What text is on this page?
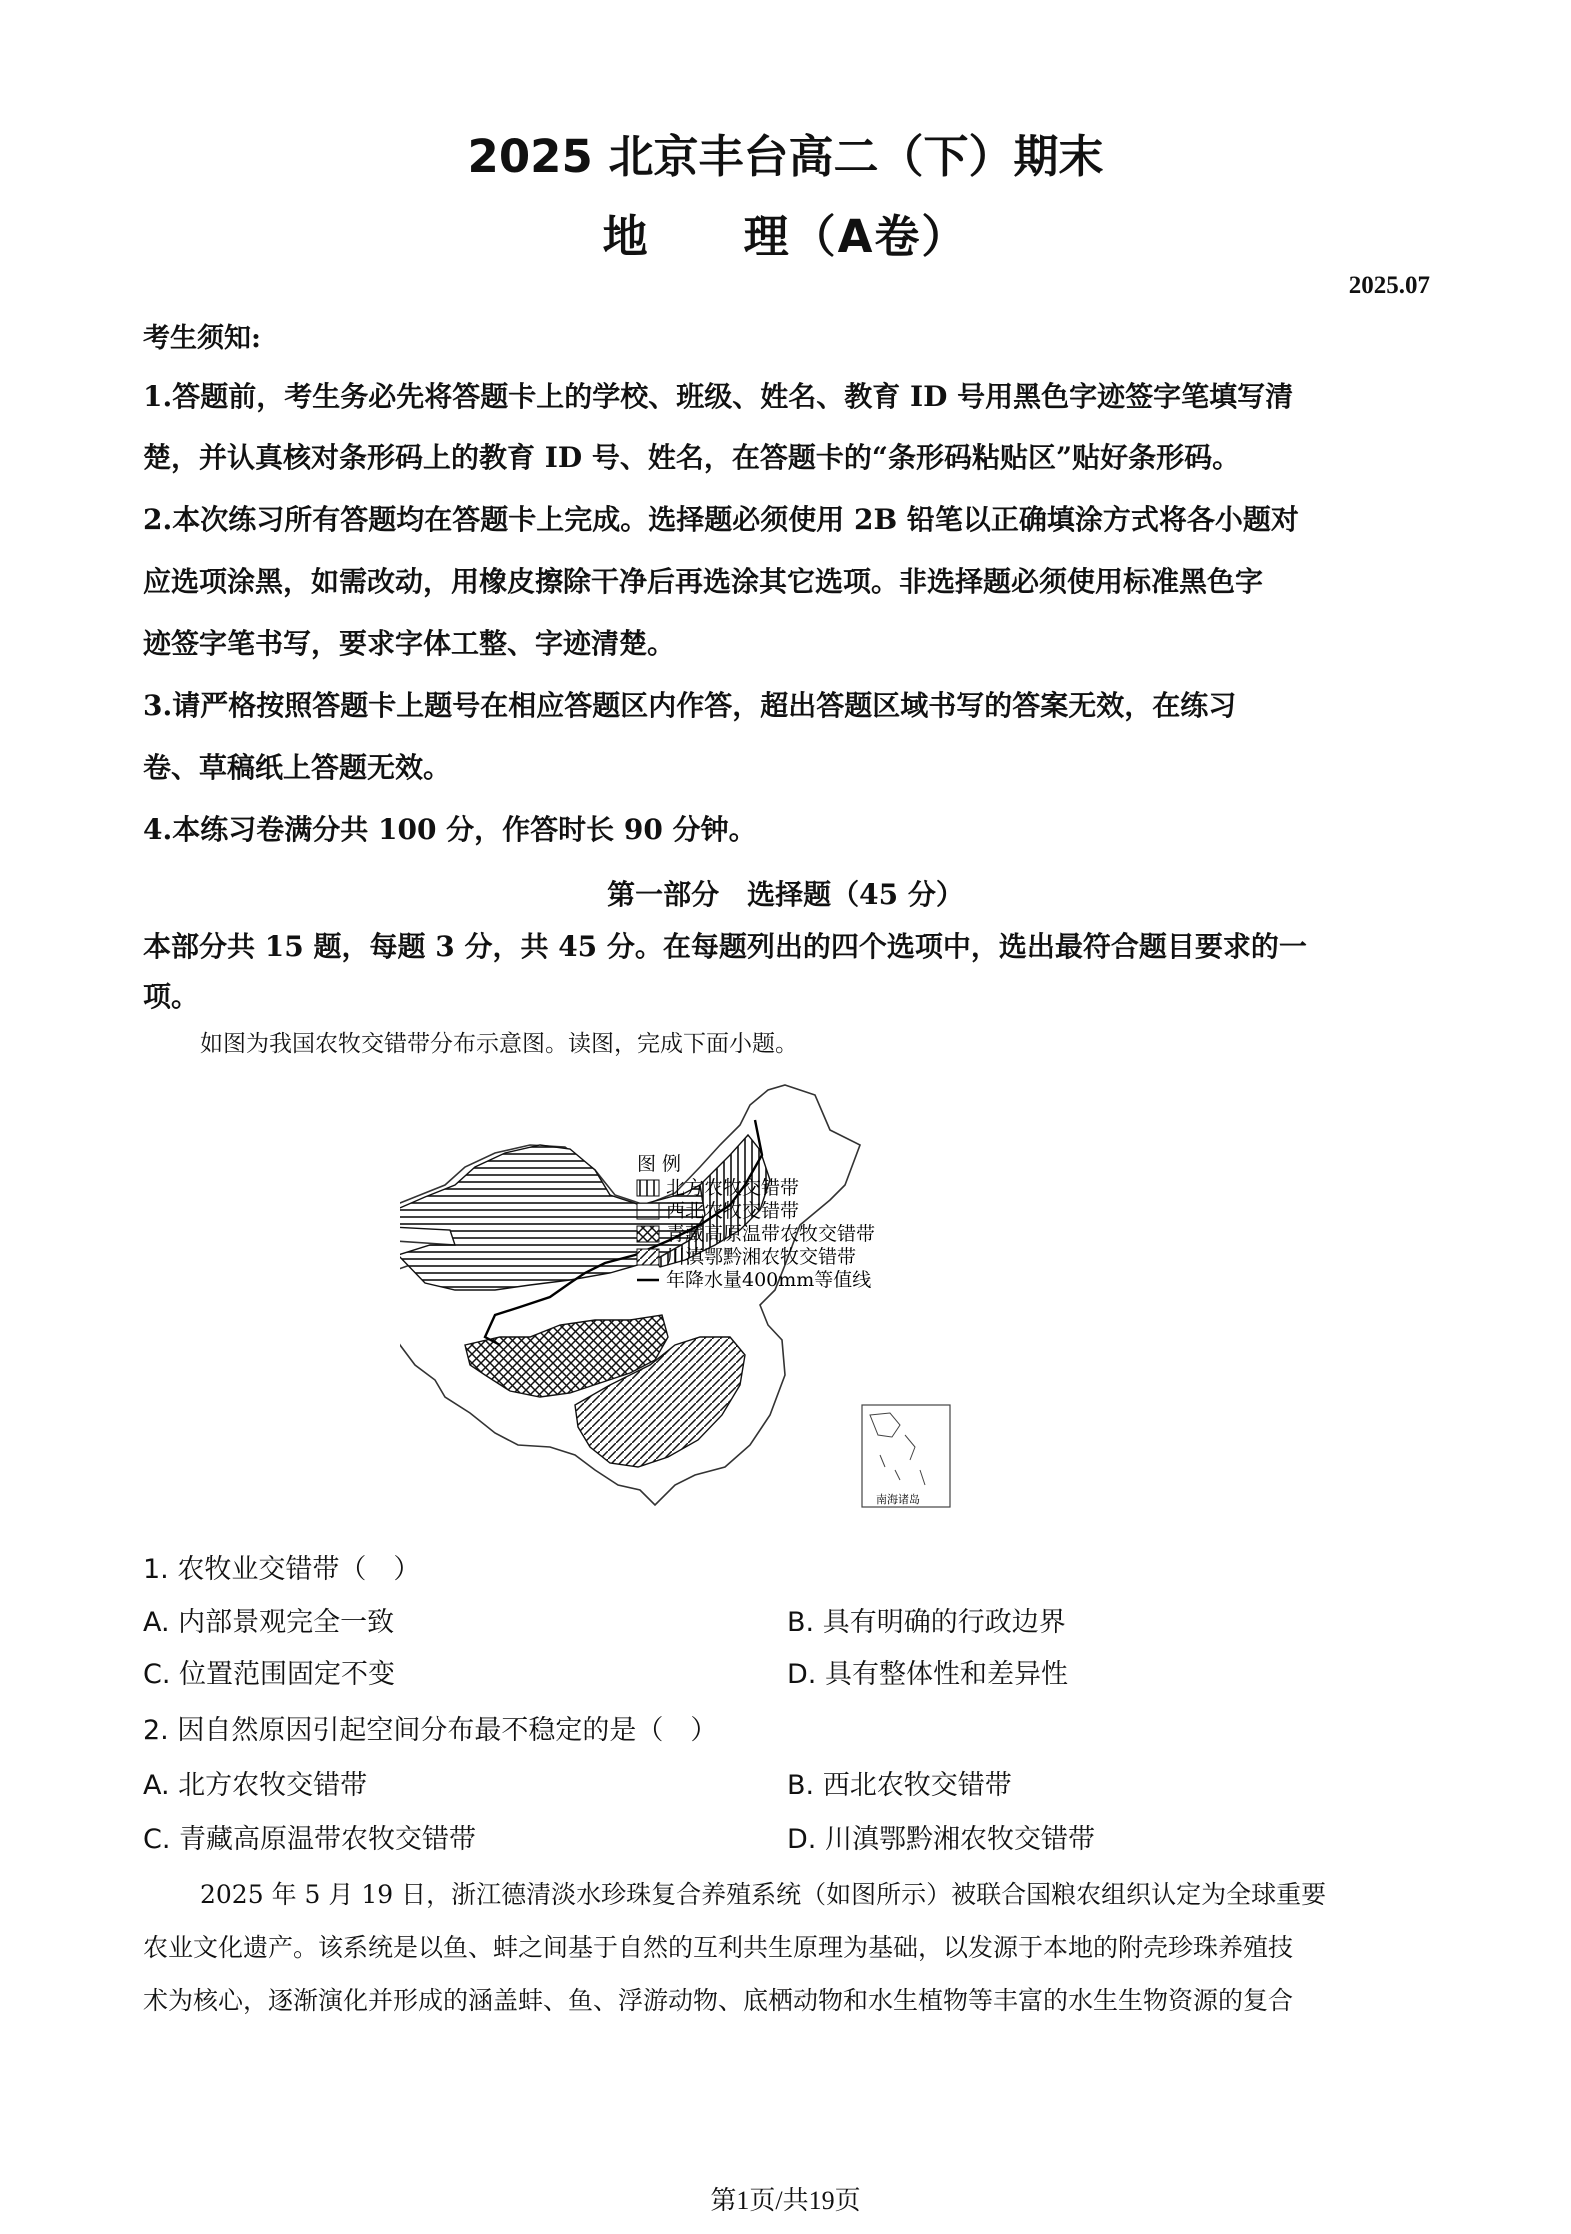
2025 北京丰台高二（下）期末
地　　理（A卷）
2025.07
考生须知:
1.答题前，考生务必先将答题卡上的学校、班级、姓名、教育 ID 号用黑色字迹签字笔填写清
楚，并认真核对条形码上的教育 ID 号、姓名，在答题卡的“条形码粘贴区”贴好条形码。
2.本次练习所有答题均在答题卡上完成。选择题必须使用 2B 铅笔以正确填涂方式将各小题对
应选项涂黑，如需改动，用橡皮擦除干净后再选涂其它选项。非选择题必须使用标准黑色字
迹签字笔书写，要求字体工整、字迹清楚。
3.请严格按照答题卡上题号在相应答题区内作答，超出答题区域书写的答案无效，在练习
卷、草稿纸上答题无效。
4.本练习卷满分共 100 分，作答时长 90 分钟。
第一部分　选择题（45 分）
本部分共 15 题，每题 3 分，共 45 分。在每题列出的四个选项中，选出最符合题目要求的一
项。
如图为我国农牧交错带分布示意图。读图，完成下面小题。
图 例
北方农牧交错带
西北农牧交错带
青藏高原温带农牧交错带
川滇鄂黔湘农牧交错带
年降水量400mm等值线
南海诸岛
1. 农牧业交错带（　）
A. 内部景观完全一致	B. 具有明确的行政边界
C. 位置范围固定不变	D. 具有整体性和差异性
2. 因自然原因引起空间分布最不稳定的是（　）
A. 北方农牧交错带	B. 西北农牧交错带
C. 青藏高原温带农牧交错带	D. 川滇鄂黔湘农牧交错带
2025 年 5 月 19 日，浙江德清淡水珍珠复合养殖系统（如图所示）被联合国粮农组织认定为全球重要
农业文化遗产。该系统是以鱼、蚌之间基于自然的互利共生原理为基础，以发源于本地的附壳珍珠养殖技
术为核心，逐渐演化并形成的涵盖蚌、鱼、浮游动物、底栖动物和水生植物等丰富的水生生物资源的复合
第1页/共19页
